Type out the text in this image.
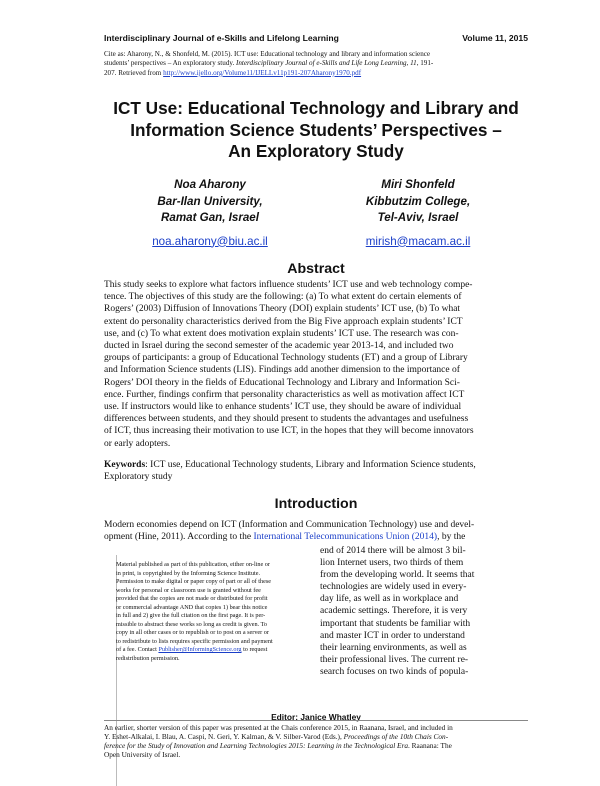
Interdisciplinary Journal of e-Skills and Lifelong Learning	Volume 11, 2015
Cite as: Aharony, N., & Shonfeld, M. (2015). ICT use: Educational technology and library and information science
students’ perspectives – An exploratory study. Interdisciplinary Journal of e-Skills and Life Long Learning, 11, 191-
207. Retrieved from http://www.ijello.org/Volume11/IJELLv11p191-207Aharony1970.pdf
ICT Use: Educational Technology and Library and
Information Science Students’ Perspectives –
An Exploratory Study
Noa Aharony
Bar-Ilan University,
Ramat Gan, Israel
noa.aharony@biu.ac.il
Miri Shonfeld
Kibbutzim College,
Tel-Aviv, Israel
mirish@macam.ac.il
Abstract
This study seeks to explore what factors influence students’ ICT use and web technology compe-
tence. The objectives of this study are the following: (a) To what extent do certain elements of
Rogers’ (2003) Diffusion of Innovations Theory (DOI) explain students’ ICT use, (b) To what
extent do personality characteristics derived from the Big Five approach explain students’ ICT
use, and (c) To what extent does motivation explain students’ ICT use. The research was con-
ducted in Israel during the second semester of the academic year 2013-14, and included two
groups of participants: a group of Educational Technology students (ET) and a group of Library
and Information Science students (LIS). Findings add another dimension to the importance of
Rogers’ DOI theory in the fields of Educational Technology and Library and Information Sci-
ence. Further, findings confirm that personality characteristics as well as motivation affect ICT
use. If instructors would like to enhance students’ ICT use, they should be aware of individual
differences between students, and they should present to students the advantages and usefulness
of ICT, thus increasing their motivation to use ICT, in the hopes that they will become innovators
or early adopters.
Keywords: ICT use, Educational Technology students, Library and Information Science students,
Exploratory study
Introduction
Modern economies depend on ICT (Information and Communication Technology) use and devel-
opment (Hine, 2011). According to the International Telecommunications Union (2014), by the
Material published as part of this publication, either on-line or
in print, is copyrighted by the Informing Science Institute.
Permission to make digital or paper copy of part or all of these
works for personal or classroom use is granted without fee
provided that the copies are not made or distributed for profit
or commercial advantage AND that copies 1) bear this notice
in full and 2) give the full citation on the first page. It is per-
missible to abstract these works so long as credit is given. To
copy in all other cases or to republish or to post on a server or
to redistribute to lists requires specific permission and payment
of a fee. Contact Publisher@InformingScience.org to request
redistribution permission.
end of 2014 there will be almost 3 bil-
lion Internet users, two thirds of them
from the developing world. It seems that
technologies are widely used in every-
day life, as well as in workplace and
academic settings. Therefore, it is very
important that students be familiar with
and master ICT in order to understand
their learning environments, as well as
their professional lives. The current re-
search focuses on two kinds of popula-
Editor: Janice Whatley
An earlier, shorter version of this paper was presented at the Chais conference 2015, in Raanana, Israel, and included in
Y. Eshet-Alkalai, I. Blau, A. Caspi, N. Geri, Y. Kalman, & V. Silber-Varod (Eds.), Proceedings of the 10th Chais Con-
ference for the Study of Innovation and Learning Technologies 2015: Learning in the Technological Era. Raanana: The
Open University of Israel.
